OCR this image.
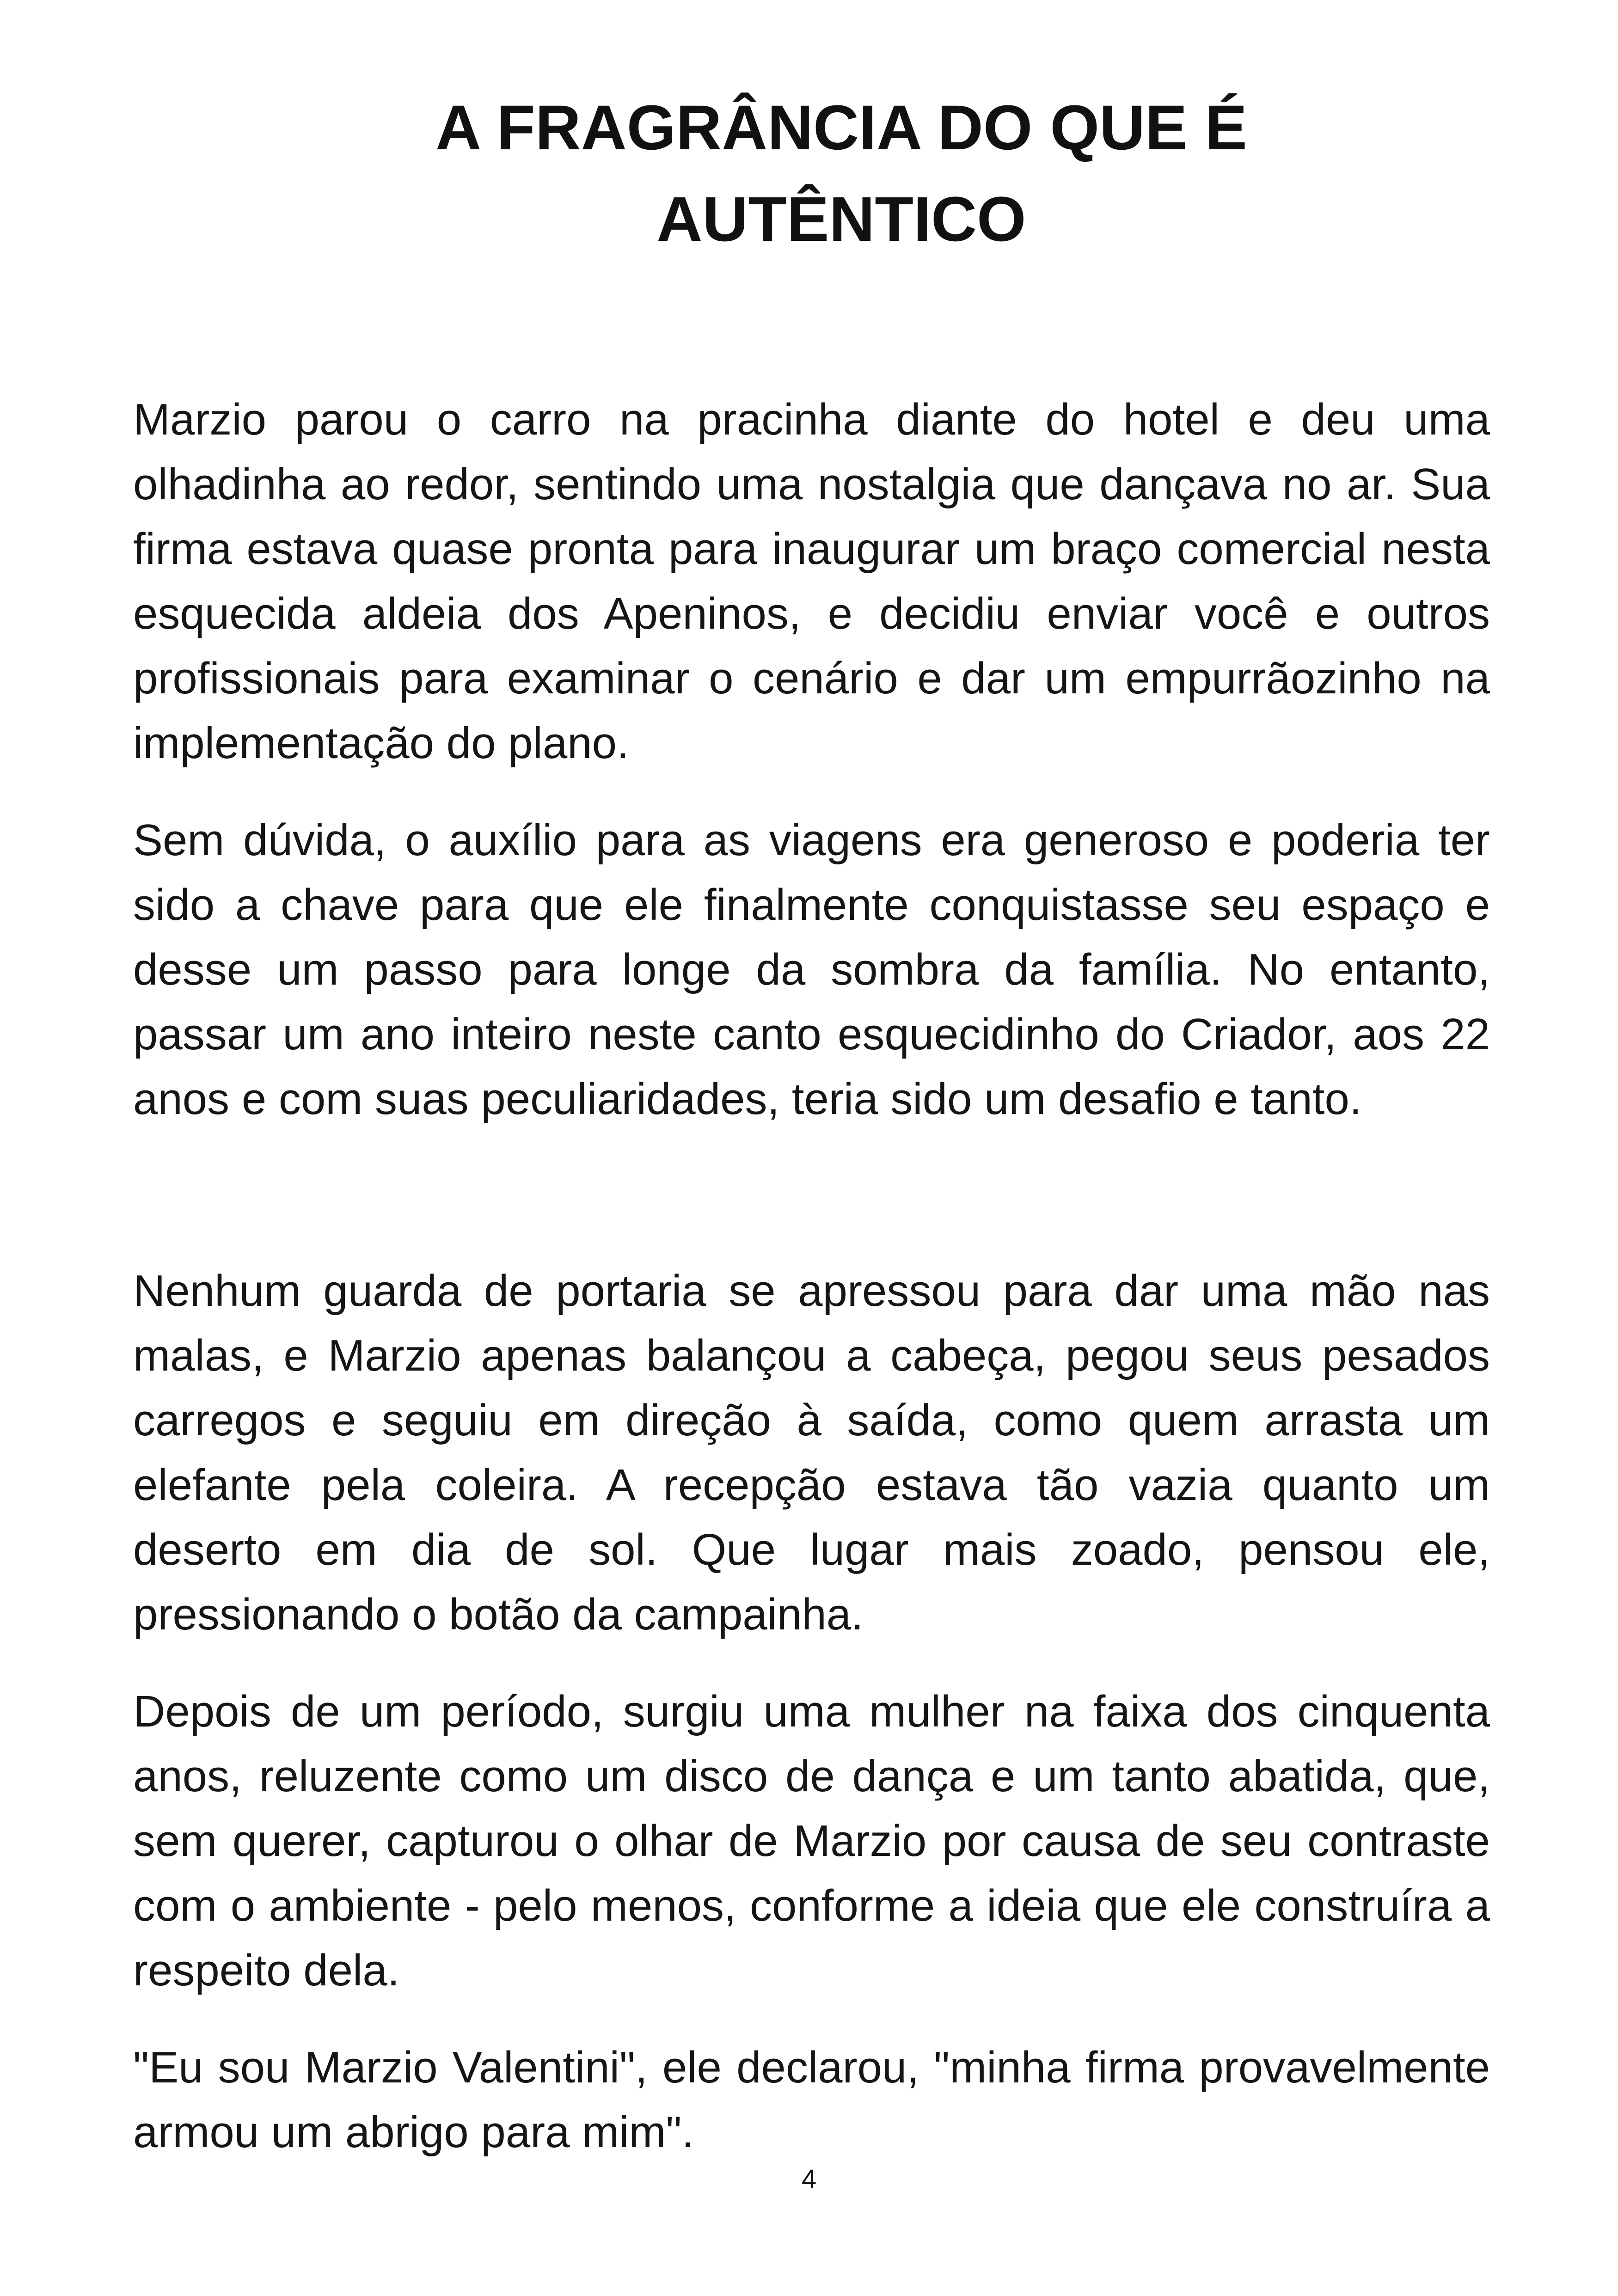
A FRAGRÂNCIA DO QUE É
AUTÊNTICO

Marzio parou o carro na pracinha diante do hotel e deu uma olhadinha ao redor, sentindo uma nostalgia que dançava no ar. Sua firma estava quase pronta para inaugurar um braço comercial nesta esquecida aldeia dos Apeninos, e decidiu enviar você e outros profissionais para examinar o cenário e dar um empurrãozinho na implementação do plano.

Sem dúvida, o auxílio para as viagens era generoso e poderia ter sido a chave para que ele finalmente conquistasse seu espaço e desse um passo para longe da sombra da família. No entanto, passar um ano inteiro neste canto esquecidinho do Criador, aos 22 anos e com suas peculiaridades, teria sido um desafio e tanto.

Nenhum guarda de portaria se apressou para dar uma mão nas malas, e Marzio apenas balançou a cabeça, pegou seus pesados carregos e seguiu em direção à saída, como quem arrasta um elefante pela coleira. A recepção estava tão vazia quanto um deserto em dia de sol. Que lugar mais zoado, pensou ele, pressionando o botão da campainha.

Depois de um período, surgiu uma mulher na faixa dos cinquenta anos, reluzente como um disco de dança e um tanto abatida, que, sem querer, capturou o olhar de Marzio por causa de seu contraste com o ambiente - pelo menos, conforme a ideia que ele construíra a respeito dela.

"Eu sou Marzio Valentini", ele declarou, "minha firma provavelmente armou um abrigo para mim".

4
